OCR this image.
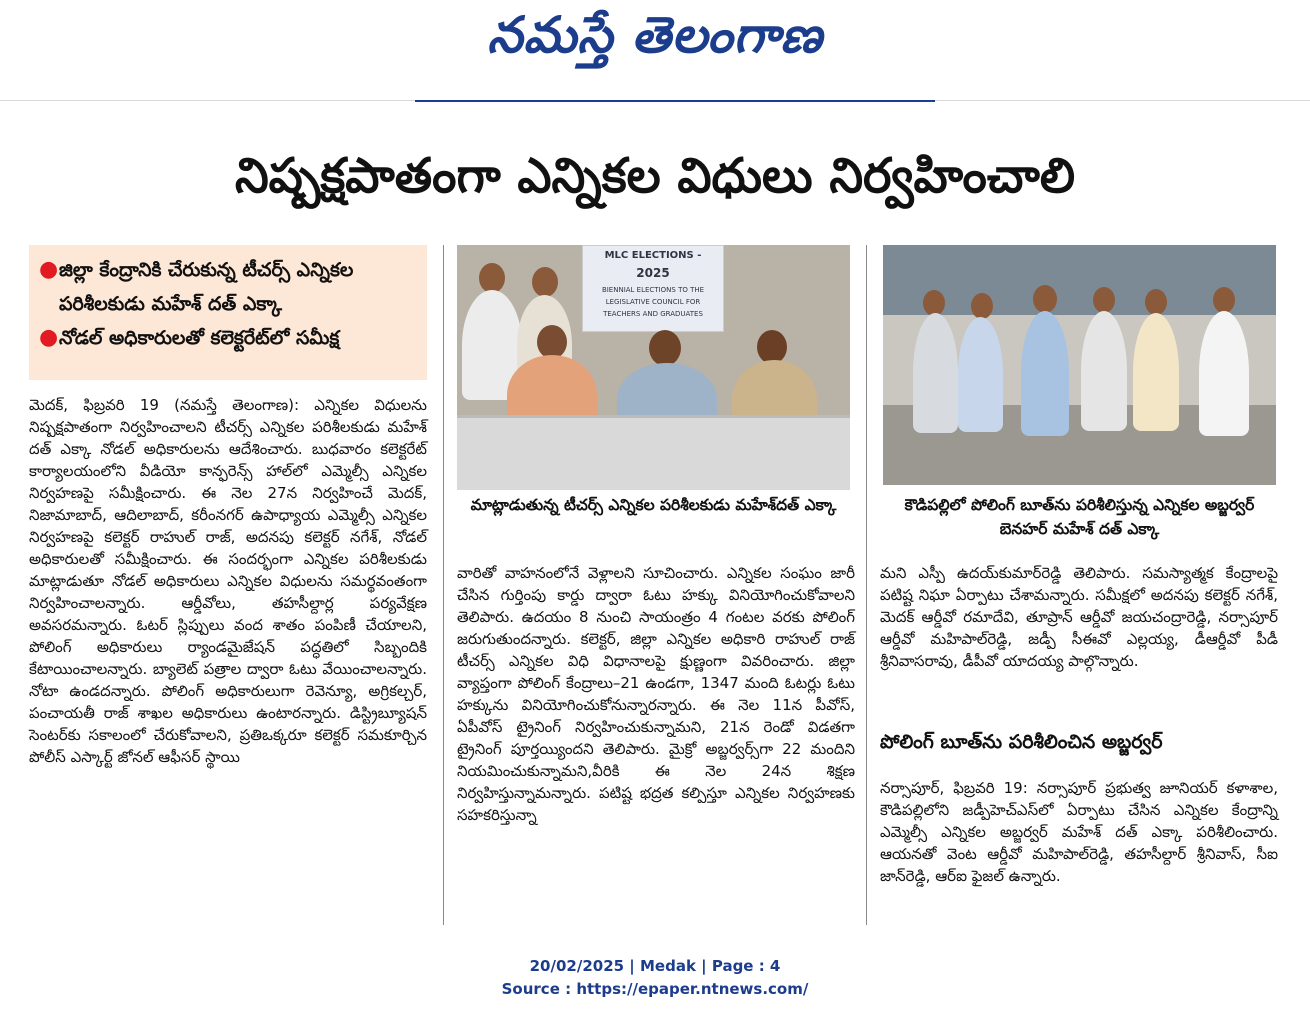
నమస్తే తెలంగాణ
నిష్పక్షపాతంగా ఎన్నికల విధులు నిర్వహించాలి
● జిల్లా కేంద్రానికి చేరుకున్న టీచర్స్ ఎన్నికల పరిశీలకుడు మహేశ్ దత్ ఎక్కా
● నోడల్ అధికారులతో కలెక్టరేట్‌లో సమీక్ష

మెదక్, ఫిబ్రవరి 19 (నమస్తే తెలంగాణ): ఎన్నికల విధులను నిష్పక్షపాతంగా నిర్వహించాలని టీచర్స్ ఎన్నికల పరిశీలకుడు మహేశ్ దత్ ఎక్కా నోడల్ అధికారులను ఆదేశించారు. బుధవారం కలెక్టరేట్ కార్యాలయంలోని వీడియో కాన్ఫరెన్స్ హాల్‌లో ఎమ్మెల్సీ ఎన్నికల నిర్వహణపై సమీక్షించారు. ఈ నెల 27న నిర్వహించే మెదక్, నిజామాబాద్, ఆదిలాబాద్, కరీంనగర్ ఉపాధ్యాయ ఎమ్మెల్సీ ఎన్నికల నిర్వహణపై కలెక్టర్ రాహుల్ రాజ్, అదనపు కలెక్టర్ నగేశ్, నోడల్ అధికారులతో సమీక్షించారు. ఈ సందర్భంగా ఎన్నికల పరిశీలకుడు మాట్లాడుతూ నోడల్ అధికారులు ఎన్నికల విధులను సమర్థవంతంగా నిర్వహించాలన్నారు. ఆర్డీవోలు, తహసీల్దార్ల పర్యవేక్షణ అవసరమన్నారు. ఓటర్ స్లిప్పులు వంద శాతం పంపిణీ చేయాలని, పోలింగ్ అధికారులు ర్యాండమైజేషన్ పద్ధతిలో సిబ్బందికి కేటాయించాలన్నారు. బ్యాలెట్ పత్రాల ద్వారా ఓటు వేయించాలన్నారు. నోటా ఉండదన్నారు. పోలింగ్ అధికారులుగా రెవెన్యూ, అగ్రికల్చర్, పంచాయతీ రాజ్ శాఖల అధికారులు ఉంటారన్నారు. డిస్ట్రిబ్యూషన్ సెంటర్‌కు సకాలంలో చేరుకోవాలని, ప్రతిఒక్కరూ కలెక్టర్ సమకూర్చిన పోలీస్ ఎస్కార్ట్ జోనల్ ఆఫీసర్ స్థాయి

MLC ELECTIONS -
2025
BIENNIAL ELECTIONS TO THE
LEGISLATIVE COUNCIL FOR
TEACHERS AND GRADUATES
మాట్లాడుతున్న టీచర్స్ ఎన్నికల పరిశీలకుడు మహేశ్‌దత్ ఎక్కా

వారితో వాహనంలోనే వెళ్లాలని సూచించారు. ఎన్నికల సంఘం జారీ చేసిన గుర్తింపు కార్డు ద్వారా ఓటు హక్కు వినియోగించుకోవాలని తెలిపారు. ఉదయం 8 నుంచి సాయంత్రం 4 గంటల వరకు పోలింగ్ జరుగుతుందన్నారు. కలెక్టర్, జిల్లా ఎన్నికల అధికారి రాహుల్ రాజ్ టీచర్స్ ఎన్నికల విధి విధానాలపై క్షుణ్ణంగా వివరించారు. జిల్లా వ్యాప్తంగా పోలింగ్ కేంద్రాలు–21 ఉండగా, 1347 మంది ఓటర్లు ఓటు హక్కును వినియోగించుకోనున్నారన్నారు. ఈ నెల 11న పీవోస్, ఏపీవోస్ ట్రైనింగ్ నిర్వహించుకున్నామని, 21న రెండో విడతగా ట్రైనింగ్ పూర్తయ్యిందని తెలిపారు. మైక్రో అబ్జర్వర్స్‌గా 22 మందిని నియమించుకున్నామని,వీరికి ఈ నెల 24న శిక్షణ నిర్వహిస్తున్నామన్నారు. పటిష్ట భద్రత కల్పిస్తూ ఎన్నికల నిర్వహణకు సహకరిస్తున్నా

కౌడిపల్లిలో పోలింగ్ బూత్‌ను పరిశీలిస్తున్న ఎన్నికల అబ్జర్వర్ బెనహర్ మహేశ్ దత్ ఎక్కా

మని ఎస్పీ ఉదయ్‌కుమార్‌రెడ్డి తెలిపారు. సమస్యాత్మక కేంద్రాలపై పటిష్ట నిఘా ఏర్పాటు చేశామన్నారు. సమీక్షలో అదనపు కలెక్టర్ నగేశ్, మెదక్ ఆర్డీవో రమాదేవి, తూప్రాన్ ఆర్డీవో జయచంద్రారెడ్డి, నర్సాపూర్ ఆర్డీవో మహిపాల్‌రెడ్డి, జడ్పీ సీఈవో ఎల్లయ్య, డీఆర్డీవో పీడీ శ్రీనివాసరావు, డీపీవో యాదయ్య పాల్గొన్నారు.

పోలింగ్ బూత్‌ను పరిశీలించిన అబ్జర్వర్

నర్సాపూర్, ఫిబ్రవరి 19: నర్సాపూర్ ప్రభుత్వ జూనియర్ కళాశాల, కౌడిపల్లిలోని జడ్పీహెచ్‌ఎస్‌లో ఏర్పాటు చేసిన ఎన్నికల కేంద్రాన్ని ఎమ్మెల్సీ ఎన్నికల అబ్జర్వర్ మహేశ్ దత్ ఎక్కా పరిశీలించారు. ఆయనతో వెంట ఆర్డీవో మహిపాల్‌రెడ్డి, తహసీల్దార్ శ్రీనివాస్, సీఐ జాన్‌రెడ్డి, ఆర్‌ఐ ఫైజల్ ఉన్నారు.

20/02/2025 | Medak | Page : 4
Source : https://epaper.ntnews.com/
